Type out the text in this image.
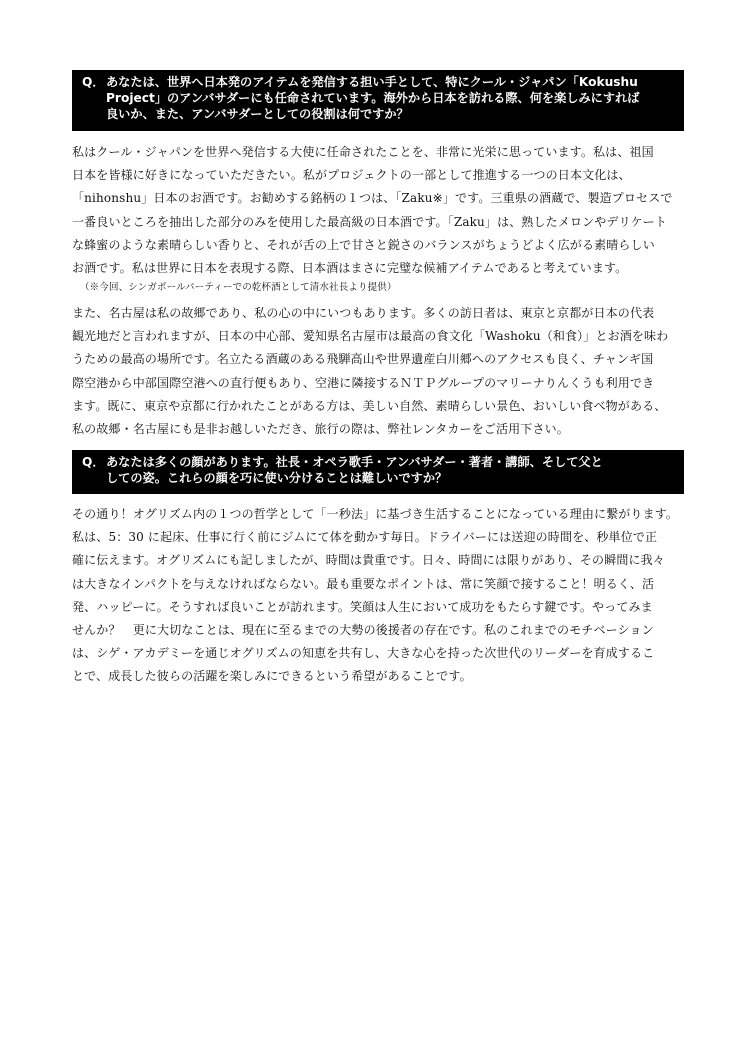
Q．あなたは、世界へ日本発のアイテムを発信する担い手として、特にクール・ジャパン「Kokushu
Project」のアンバサダーにも任命されています。海外から日本を訪れる際、何を楽しみにすれば
良いか、また、アンバサダーとしての役割は何ですか？
私はクール・ジャパンを世界へ発信する大使に任命されたことを、非常に光栄に思っています。私は、祖国
日本を皆様に好きになっていただきたい。私がプロジェクトの一部として推進する一つの日本文化は、
「nihonshu」日本のお酒です。お勧めする銘柄の１つは、「Zaku※」です。三重県の酒蔵で、製造プロセスで
一番良いところを抽出した部分のみを使用した最高級の日本酒です。「Zaku」は、熟したメロンやデリケート
な蜂蜜のような素晴らしい香りと、それが舌の上で甘さと鋭さのバランスがちょうどよく広がる素晴らしい
お酒です。私は世界に日本を表現する際、日本酒はまさに完璧な候補アイテムであると考えています。
（※今回、シンガポールパーティーでの乾杯酒として清水社長より提供）
また、名古屋は私の故郷であり、私の心の中にいつもあります。多くの訪日者は、東京と京都が日本の代表
観光地だと言われますが、日本の中心部、愛知県名古屋市は最高の食文化「Washoku（和食）」とお酒を味わ
うための最高の場所です。名立たる酒蔵のある飛騨高山や世界遺産白川郷へのアクセスも良く、チャンギ国
際空港から中部国際空港への直行便もあり、空港に隣接するＮＴＰグループのマリーナりんくうも利用でき
ます。既に、東京や京都に行かれたことがある方は、美しい自然、素晴らしい景色、おいしい食べ物がある、
私の故郷・名古屋にも是非お越しいただき、旅行の際は、弊社レンタカーをご活用下さい。
Q．あなたは多くの顔があります。社長・オペラ歌手・アンバサダー・著者・講師、そして父と
しての姿。これらの顔を巧に使い分けることは難しいですか？
その通り！オグリズム内の１つの哲学として「一秒法」に基づき生活することになっている理由に繋がります。
私は、5：30 に起床、仕事に行く前にジムにて体を動かす毎日。ドライバーには送迎の時間を、秒単位で正
確に伝えます。オグリズムにも記しましたが、時間は貴重です。日々、時間には限りがあり、その瞬間に我々
は大きなインパクトを与えなければならない。最も重要なポイントは、常に笑顔で接すること！明るく、活
発、ハッピーに。そうすれば良いことが訪れます。笑顔は人生において成功をもたらす鍵です。やってみま
せんか？　更に大切なことは、現在に至るまでの大勢の後援者の存在です。私のこれまでのモチベーション
は、シゲ・アカデミーを通じオグリズムの知恵を共有し、大きな心を持った次世代のリーダーを育成するこ
とで、成長した彼らの活躍を楽しみにできるという希望があることです。
